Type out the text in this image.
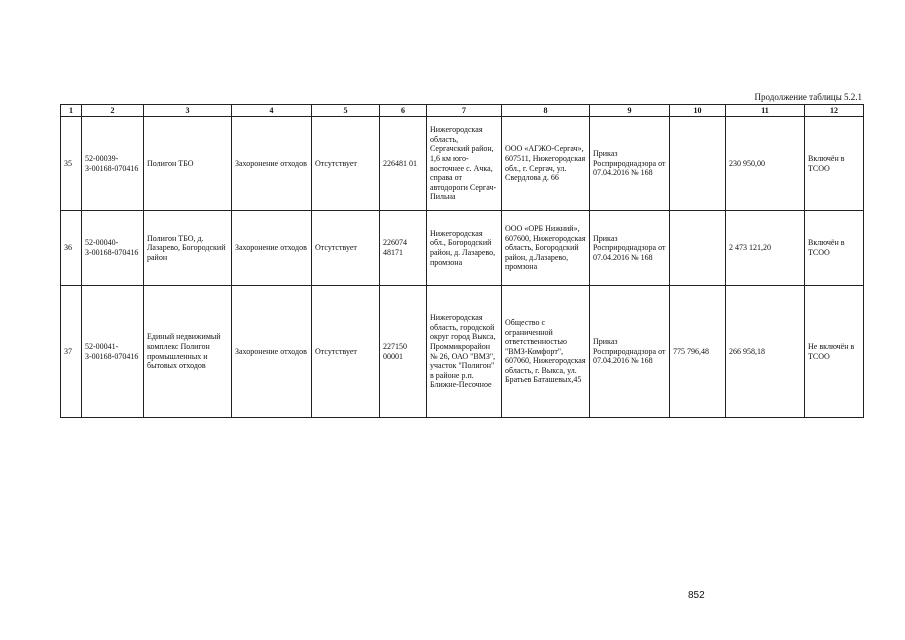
Продолжение таблицы 5.2.1
1	2	3	4	5	6	7	8	9	10	11	12
35	52-00039-З-00168-070416	Полигон ТБО	Захоронение отходов	Отсутствует	226481 01	Нижегородская область, Сергачский район, 1,6 км юго-восточнее с. Ачка, справа от автодороги Сергач-Пильна	ООО «АГЖО-Сергач», 607511, Нижегородская обл., г. Сергач, ул. Свердлова д. 66	Приказ Росприроднадзора от 07.04.2016 № 168		230 950,00	Включён в ТСОО
36	52-00040-З-00168-070416	Полигон ТБО, д. Лазарево, Богородский район	Захоронение отходов	Отсутствует	226074 48171	Нижегородская обл., Богородский район, д. Лазарево, промзона	ООО «ОРБ Нижний», 607600, Нижегородская область, Богородский район, д.Лазарево, промзона	Приказ Росприроднадзора от 07.04.2016 № 168		2 473 121,20	Включён в ТСОО
37	52-00041-З-00168-070416	Единый недвижимый комплекс Полигон промышленных и бытовых отходов	Захоронение отходов	Отсутствует	227150 00001	Нижегородская область, городской округ город Выкса, Проммикрорайон № 26, ОАО "ВМЗ", участок "Полигон" в районе р.п. Ближне-Песочное	Общество с ограниченной ответственностью "ВМЗ-Комфорт", 607060, Нижегородская область, г. Выкса, ул. Братьев Баташевых,45	Приказ Росприроднадзора от 07.04.2016 № 168	775 796,48	266 958,18	Не включён в ТСОО
852
